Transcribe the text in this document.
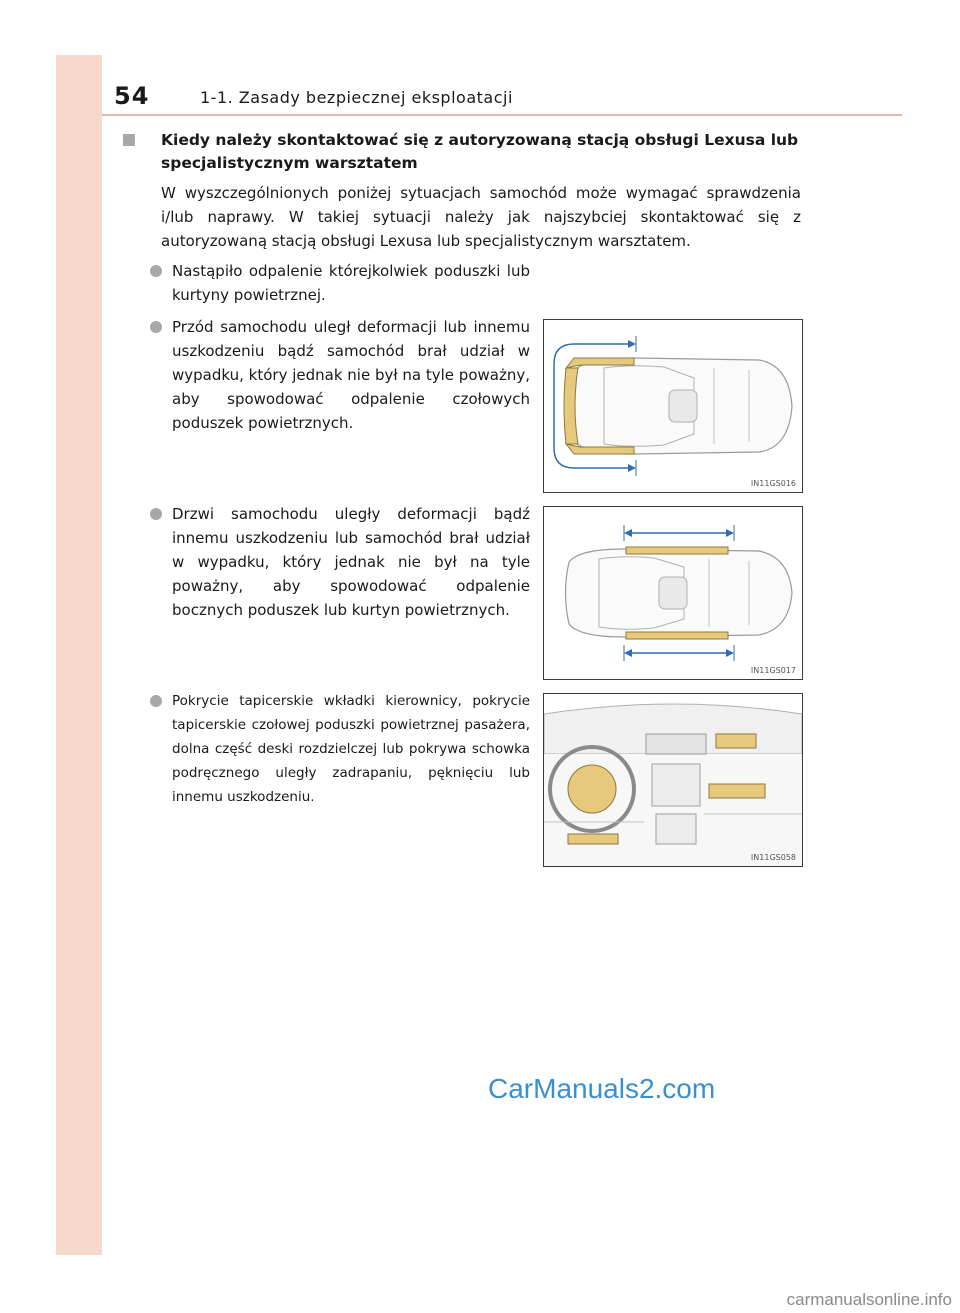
54	1-1. Zasady bezpiecznej eksploatacji
Kiedy należy skontaktować się z autoryzowaną stacją obsługi Lexusa lub specjalistycznym warsztatem
W wyszczególnionych poniżej sytuacjach samochód może wymagać sprawdzenia i/lub naprawy. W takiej sytuacji należy jak najszybciej skontaktować się z autoryzowaną stacją obsługi Lexusa lub specjalistycznym warsztatem.
Nastąpiło odpalenie którejkolwiek poduszki lub kurtyny powietrznej.
Przód samochodu uległ deformacji lub innemu uszkodzeniu bądź samochód brał udział w wypadku, który jednak nie był na tyle poważny, aby spowodować odpalenie czołowych poduszek powietrznych.
Drzwi samochodu uległy deformacji bądź innemu uszkodzeniu lub samochód brał udział w wypadku, który jednak nie był na tyle poważny, aby spowodować odpalenie bocznych poduszek lub kurtyn powietrznych.
Pokrycie tapicerskie wkładki kierownicy, pokrycie tapicerskie czołowej poduszki powietrznej pasażera, dolna część deski rozdzielczej lub pokrywa schowka podręcznego uległy zadrapaniu, pęknięciu lub innemu uszkodzeniu.
IN11GS016
IN11GS017
IN11GS058
CarManuals2.com
carmanualsonline.info
